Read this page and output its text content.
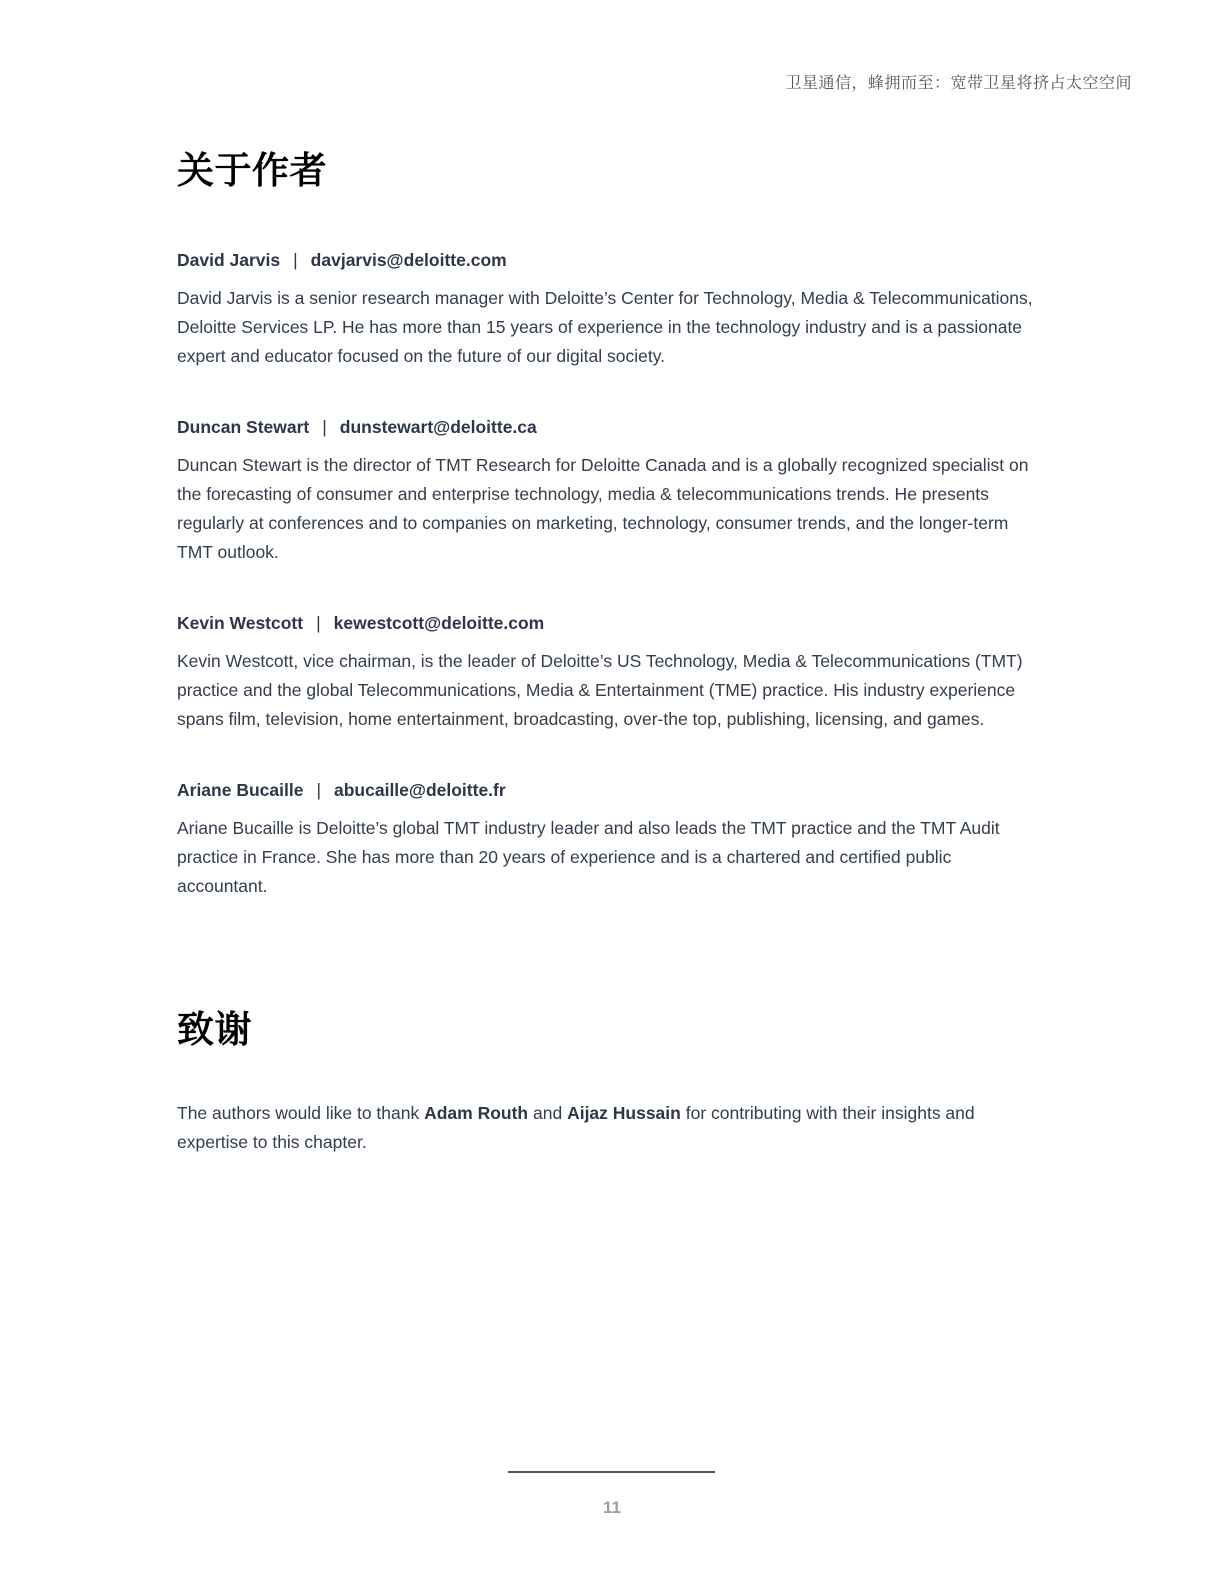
卫星通信，蜂拥而至：宽带卫星将挤占太空空间
关于作者
David Jarvis | davjarvis@deloitte.com

David Jarvis is a senior research manager with Deloitte’s Center for Technology, Media & Telecommunications, Deloitte Services LP. He has more than 15 years of experience in the technology industry and is a passionate expert and educator focused on the future of our digital society.

Duncan Stewart | dunstewart@deloitte.ca

Duncan Stewart is the director of TMT Research for Deloitte Canada and is a globally recognized specialist on the forecasting of consumer and enterprise technology, media & telecommunications trends. He presents regularly at conferences and to companies on marketing, technology, consumer trends, and the longer-term TMT outlook.

Kevin Westcott | kewestcott@deloitte.com

Kevin Westcott, vice chairman, is the leader of Deloitte’s US Technology, Media & Telecommunications (TMT) practice and the global Telecommunications, Media & Entertainment (TME) practice. His industry experience spans film, television, home entertainment, broadcasting, over-the top, publishing, licensing, and games.

Ariane Bucaille | abucaille@deloitte.fr

Ariane Bucaille is Deloitte’s global TMT industry leader and also leads the TMT practice and the TMT Audit practice in France. She has more than 20 years of experience and is a chartered and certified public accountant.

致谢

The authors would like to thank Adam Routh and Aijaz Hussain for contributing with their insights and expertise to this chapter.

11
